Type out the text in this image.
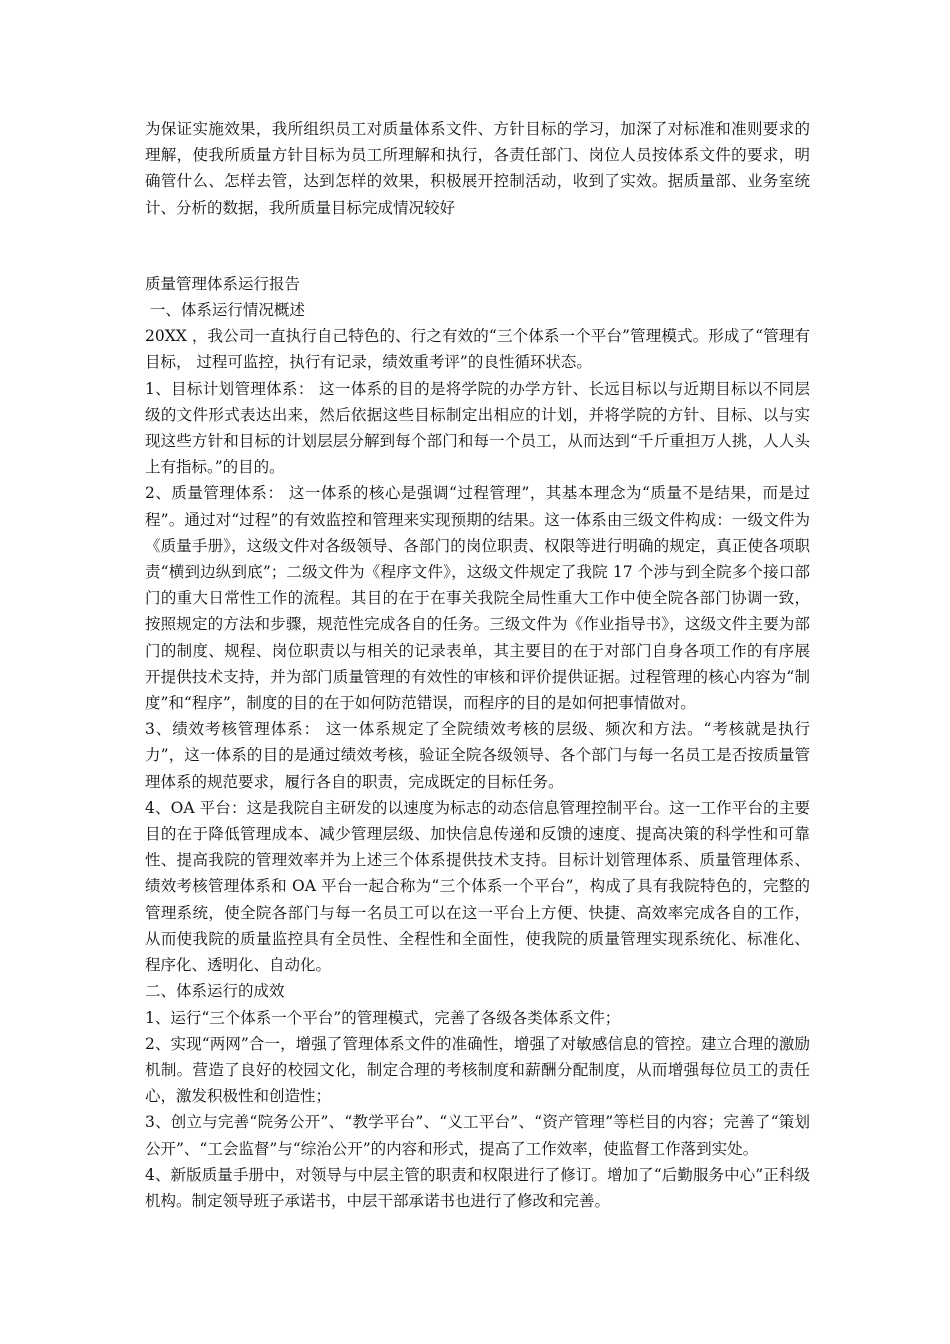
为保证实施效果，我所组织员工对质量体系文件、方针目标的学习，加深了对标准和准则要求的理解，使我所质量方针目标为员工所理解和执行，各责任部门、岗位人员按体系文件的要求，明确管什么、怎样去管，达到怎样的效果，积极展开控制活动，收到了实效。据质量部、业务室统计、分析的数据，我所质量目标完成情况较好

质量管理体系运行报告

一、体系运行情况概述

20XX ，我公司一直执行自己特色的、行之有效的“三个体系一个平台”管理模式。形成了“管理有目标， 过程可监控，执行有记录，绩效重考评”的良性循环状态。

1、目标计划管理体系： 这一体系的目的是将学院的办学方针、长远目标以与近期目标以不同层级的文件形式表达出来，然后依据这些目标制定出相应的计划，并将学院的方针、目标、以与实现这些方针和目标的计划层层分解到每个部门和每一个员工，从而达到“千斤重担万人挑，人人头上有指标。”的目的。

2、质量管理体系： 这一体系的核心是强调“过程管理”，其基本理念为“质量不是结果，而是过程”。通过对“过程”的有效监控和管理来实现预期的结果。这一体系由三级文件构成：一级文件为《质量手册》，这级文件对各级领导、各部门的岗位职责、权限等进行明确的规定，真正使各项职责“横到边纵到底”；二级文件为《程序文件》，这级文件规定了我院 17 个涉与到全院多个接口部门的重大日常性工作的流程。其目的在于在事关我院全局性重大工作中使全院各部门协调一致，按照规定的方法和步骤，规范性完成各自的任务。三级文件为《作业指导书》，这级文件主要为部门的制度、规程、岗位职责以与相关的记录表单，其主要目的在于对部门自身各项工作的有序展开提供技术支持，并为部门质量管理的有效性的审核和评价提供证据。过程管理的核心内容为“制度”和“程序”，制度的目的在于如何防范错误，而程序的目的是如何把事情做对。

3、绩效考核管理体系： 这一体系规定了全院绩效考核的层级、频次和方法。“考核就是执行力”，这一体系的目的是通过绩效考核，验证全院各级领导、各个部门与每一名员工是否按质量管理体系的规范要求，履行各自的职责，完成既定的目标任务。

4、OA 平台：这是我院自主研发的以速度为标志的动态信息管理控制平台。这一工作平台的主要目的在于降低管理成本、减少管理层级、加快信息传递和反馈的速度、提高决策的科学性和可靠性、提高我院的管理效率并为上述三个体系提供技术支持。目标计划管理体系、质量管理体系、绩效考核管理体系和 OA 平台一起合称为“三个体系一个平台”，构成了具有我院特色的，完整的管理系统，使全院各部门与每一名员工可以在这一平台上方便、快捷、高效率完成各自的工作，从而使我院的质量监控具有全员性、全程性和全面性，使我院的质量管理实现系统化、标准化、程序化、透明化、自动化。

二、体系运行的成效

1、运行“三个体系一个平台”的管理模式，完善了各级各类体系文件；

2、实现“两网”合一，增强了管理体系文件的准确性，增强了对敏感信息的管控。建立合理的激励机制。营造了良好的校园文化，制定合理的考核制度和薪酬分配制度，从而增强每位员工的责任心，激发积极性和创造性；

3、创立与完善“院务公开”、“教学平台”、“义工平台”、“资产管理”等栏目的内容；完善了“策划公开”、“工会监督”与“综治公开”的内容和形式，提高了工作效率，使监督工作落到实处。

4、新版质量手册中，对领导与中层主管的职责和权限进行了修订。增加了“后勤服务中心”正科级机构。制定领导班子承诺书，中层干部承诺书也进行了修改和完善。
